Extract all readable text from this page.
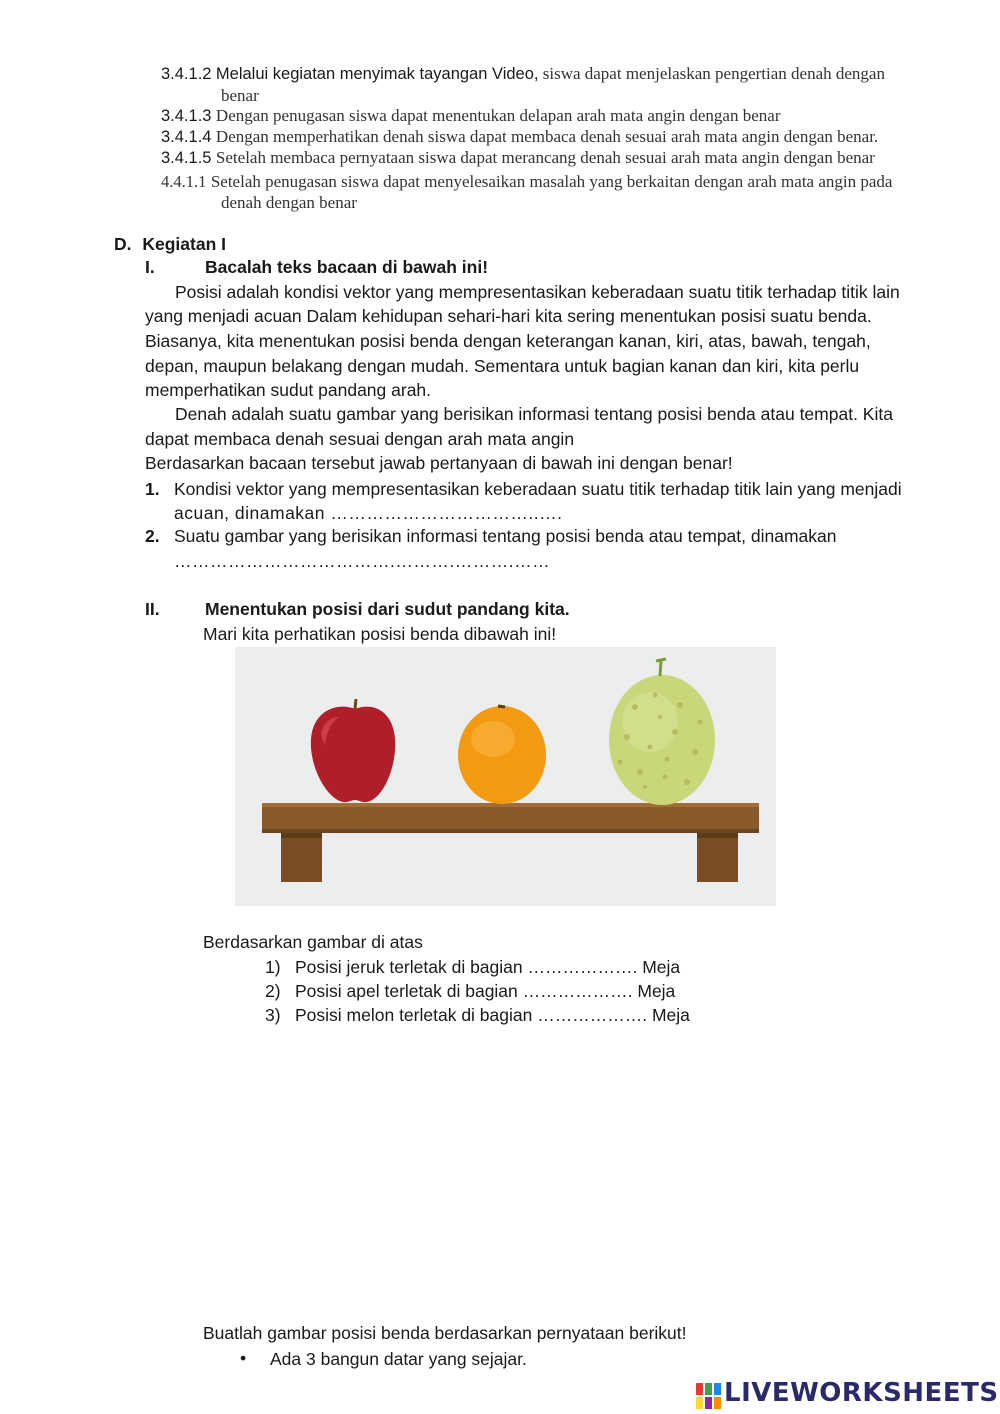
3.4.1.2 Melalui kegiatan menyimak tayangan Video, siswa dapat menjelaskan pengertian denah dengan
benar
3.4.1.3 Dengan penugasan siswa dapat menentukan delapan arah mata angin dengan benar
3.4.1.4 Dengan memperhatikan denah siswa dapat membaca denah sesuai arah mata angin dengan benar.
3.4.1.5 Setelah membaca pernyataan siswa dapat merancang denah sesuai arah mata angin dengan benar
4.4.1.1 Setelah penugasan siswa dapat menyelesaikan masalah yang berkaitan dengan arah mata angin pada
denah dengan benar
D. Kegiatan I
I.	Bacalah teks bacaan di bawah ini!
Posisi adalah kondisi vektor yang mempresentasikan keberadaan suatu titik terhadap titik lain
yang menjadi acuan Dalam kehidupan sehari-hari kita sering menentukan posisi suatu benda.
Biasanya, kita menentukan posisi benda dengan keterangan kanan, kiri, atas, bawah, tengah,
depan, maupun belakang dengan mudah. Sementara untuk bagian kanan dan kiri, kita perlu
memperhatikan sudut pandang arah.
Denah adalah suatu gambar yang berisikan informasi tentang posisi benda atau tempat. Kita
dapat membaca denah sesuai dengan arah mata angin
Berdasarkan bacaan tersebut jawab pertanyaan di bawah ini dengan benar!
1. Kondisi vektor yang mempresentasikan keberadaan suatu titik terhadap titik lain yang menjadi
acuan, dinamakan ……………………………..….
2. Suatu gambar yang berisikan informasi tentang posisi benda atau tempat, dinamakan
……………………………….……….……….……
II.	Menentukan posisi dari sudut pandang kita.
Mari kita perhatikan posisi benda dibawah ini!
Berdasarkan gambar di atas
1) Posisi jeruk terletak di bagian ………………. Meja
2) Posisi apel terletak di bagian ………………. Meja
3) Posisi melon terletak di bagian ………………. Meja
Buatlah gambar posisi benda berdasarkan pernyataan berikut!
• Ada 3 bangun datar yang sejajar.
LIVEWORKSHEETS
